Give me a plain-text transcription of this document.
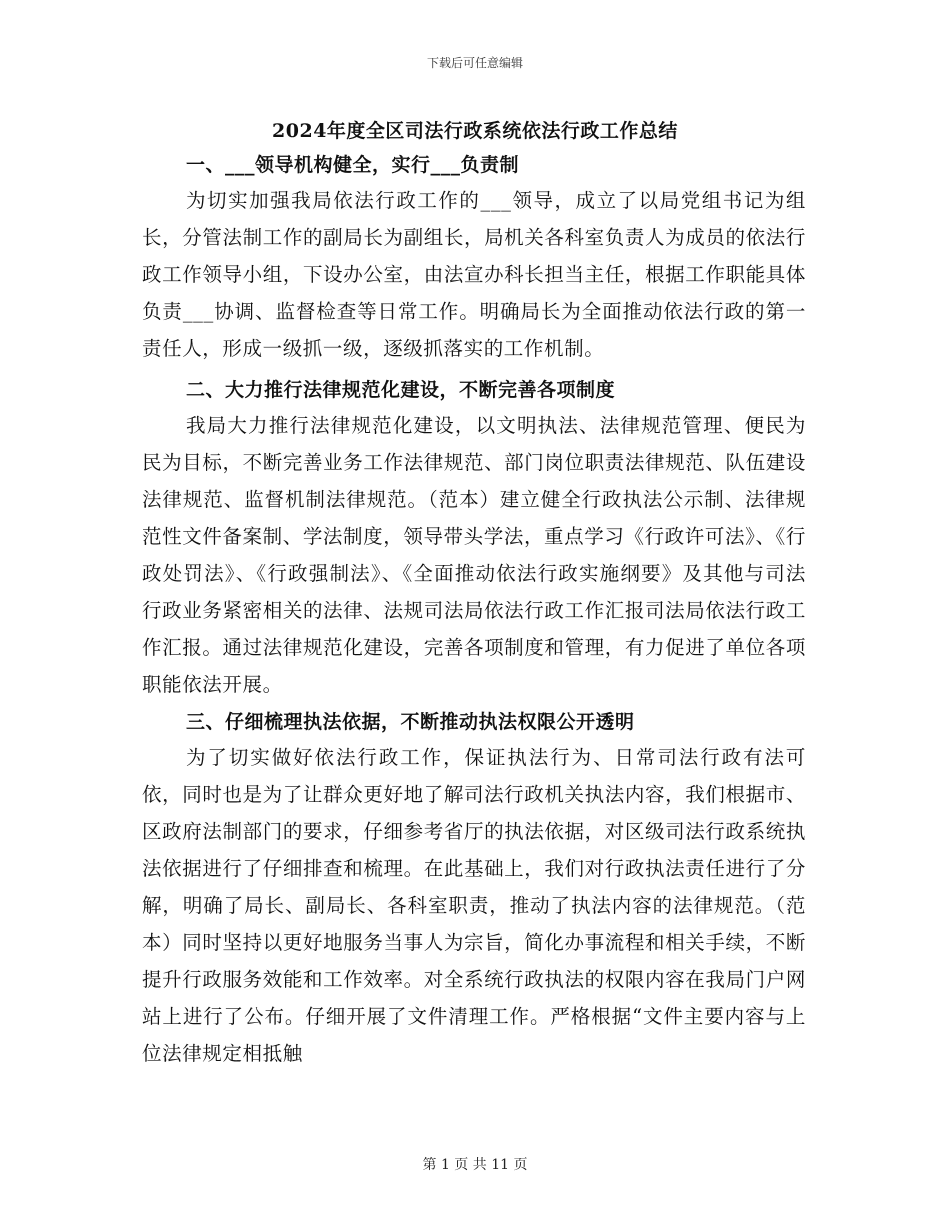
下载后可任意编辑
2024年度全区司法行政系统依法行政工作总结

一、___领导机构健全，实行___负责制

为切实加强我局依法行政工作的___领导，成立了以局党组书记为组长，分管法制工作的副局长为副组长，局机关各科室负责人为成员的依法行政工作领导小组，下设办公室，由法宣办科长担当主任，根据工作职能具体负责___协调、监督检查等日常工作。明确局长为全面推动依法行政的第一责任人，形成一级抓一级，逐级抓落实的工作机制。

二、大力推行法律规范化建设，不断完善各项制度

我局大力推行法律规范化建设，以文明执法、法律规范管理、便民为民为目标，不断完善业务工作法律规范、部门岗位职责法律规范、队伍建设法律规范、监督机制法律规范。（范本）建立健全行政执法公示制、法律规范性文件备案制、学法制度，领导带头学法，重点学习《行政许可法》、《行政处罚法》、《行政强制法》、《全面推动依法行政实施纲要》及其他与司法行政业务紧密相关的法律、法规司法局依法行政工作汇报司法局依法行政工作汇报。通过法律规范化建设，完善各项制度和管理，有力促进了单位各项职能依法开展。

三、仔细梳理执法依据，不断推动执法权限公开透明

为了切实做好依法行政工作，保证执法行为、日常司法行政有法可依，同时也是为了让群众更好地了解司法行政机关执法内容，我们根据市、区政府法制部门的要求，仔细参考省厅的执法依据，对区级司法行政系统执法依据进行了仔细排查和梳理。在此基础上，我们对行政执法责任进行了分解，明确了局长、副局长、各科室职责，推动了执法内容的法律规范。（范本）同时坚持以更好地服务当事人为宗旨，简化办事流程和相关手续，不断提升行政服务效能和工作效率。对全系统行政执法的权限内容在我局门户网站上进行了公布。仔细开展了文件清理工作。严格根据“文件主要内容与上位法律规定相抵触

第 1 页 共 11 页
